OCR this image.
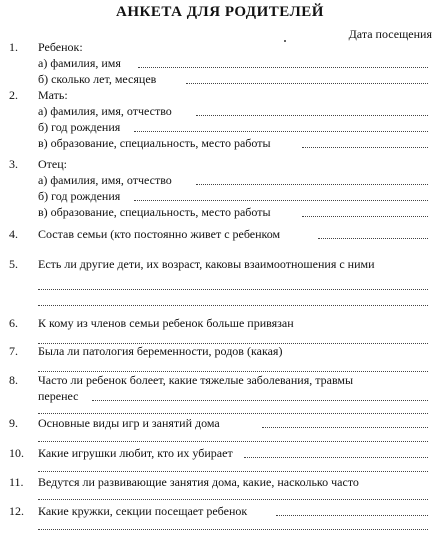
АНКЕТА ДЛЯ РОДИТЕЛЕЙ
Дата посещения
1. Ребенок:
а) фамилия, имя
б) сколько лет, месяцев
2. Мать:
а) фамилия, имя, отчество
б) год рождения
в) образование, специальность, место работы
3. Отец:
а) фамилия, имя, отчество
б) год рождения
в) образование, специальность, место работы
4. Состав семьи (кто постоянно живет с ребенком
5. Есть ли другие дети, их возраст, каковы взаимоотношения с ними
6. К кому из членов семьи ребенок больше привязан
7. Была ли патология беременности, родов (какая)
8. Часто ли ребенок болеет, какие тяжелые заболевания, травмы
перенес
9. Основные виды игр и занятий дома
10. Какие игрушки любит, кто их убирает
11. Ведутся ли развивающие занятия дома, какие, насколько часто
12. Какие кружки, секции посещает ребенок
